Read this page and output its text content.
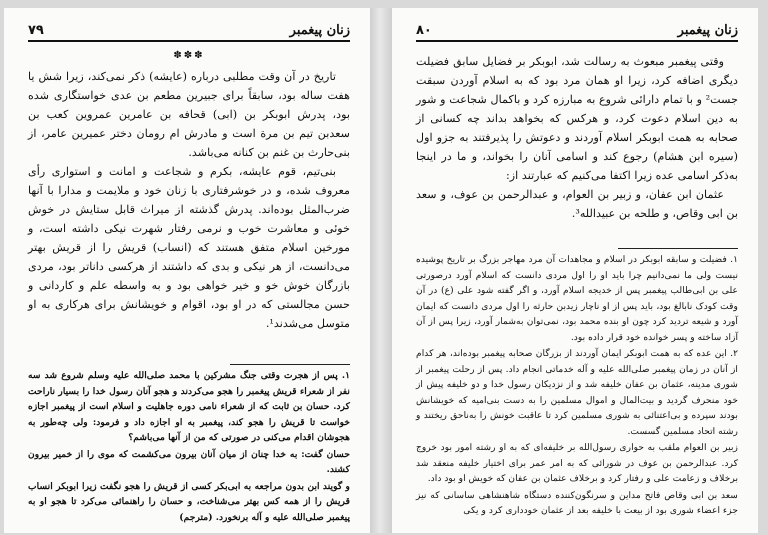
۷۹	زنان پیغمبر
✽✽✽

تاریخ در آن وقت مطلبی درباره (عایشه) ذکر نمی‌کند، زیرا شش یا هفت ساله بود، سابقاً برای جبیرین مطعم بن عدی خواستگاری شده بود، پدرش ابوبکر بن (ابی) قحافه بن عامرین عمروین کعب بن سعدبن تیم بن مرة است و مادرش ام رومان دختر عمیرین عامر، از بنی‌حارث بن غنم بن کنانه می‌باشد.

بنی‌تیم، قوم عایشه، بکرم و شجاعت و امانت و استواری رأی معروف شده، و در خوشرفتاری با زنان خود و ملایمت و مدارا با آنها ضرب‌المثل بوده‌اند. پدرش گذشته از میراث قابل ستایش در خوش خوئی و معاشرت خوب و نرمی رفتار شهرت نیکی داشته است، و مورخین اسلام متفق هستند که (انساب) قریش را از قریش بهتر می‌دانست، از هر نیکی و بدی که داشتند از هرکسی داناتر بود، مردی بازرگان خوش خو و خیر خواهی بود و به واسطه علم و کاردانی و حسن مجالستی که در او بود، اقوام و خویشانش برای هرکاری به او متوسل می‌شدند¹.

۱. پس از هجرت وقتی جنگ مشرکین با محمد صلی‌الله علیه وسلم شروع شد سه نفر از شعراء قریش پیغمبر را هجو می‌کردند و هجو آنان رسول خدا را بسیار ناراحت کرد. حسان بن ثابت که از شعراء نامی دوره جاهلیت و اسلام است از پیغمبر اجازه خواست تا قریش را هجو کند، پیغمبر به او اجازه داد و فرمود: ولی چه‌طور به هجوشان اقدام می‌کنی در صورتی که من از آنها می‌باشم؟

حسان گفت: به خدا چنان از میان آنان بیرون می‌کشمت که موی را از خمیر بیرون کشند.

و گویند ابن بدون مراجعه به ابی‌بکر کسی از قریش را هجو نگفت زیرا ابوبکر انساب قریش را از همه کس بهتر می‌شناخت، و حسان را راهنمائی می‌کرد تا هجو او به پیغمبر صلی‌الله علیه و آله برنخورد. (مترجم)

۸۰	زنان پیغمبر

وقتی پیغمبر مبعوث به رسالت شد، ابوبکر بر فضایل سابق فضیلت دیگری اضافه کرد، زیرا او همان مرد بود که به اسلام آوردن سبقت جست² و با تمام دارائی شروع به مبارزه کرد و باکمال شجاعت و شور به دین اسلام دعوت کرد، و هرکس که بخواهد بداند چه کسانی از صحابه به همت ابوبکر اسلام آوردند و دعوتش را پذیرفتند به جزو اول (سیره ابن هشام) رجوع کند و اسامی آنان را بخواند، و ما در اینجا به‌ذکر اسامی عده زیرا اکتفا می‌کنیم که عبارتند از:

عثمان ابن عفان، و زبیر بن العوام، و عبدالرحمن بن عوف، و سعد بن ابی وقاص، و طلحه بن عبیدالله³.

۱. فضیلت و سابقه ابوبکر در اسلام و مجاهدات آن مرد مهاجر بزرگ بر تاریخ پوشیده نیست ولی ما نمی‌دانیم چرا باید او را اول مردی دانست که اسلام آورد درصورتی علی بن ابی‌طالب پیغمبر پس از خدیجه اسلام آورد، و اگر گفته شود علی (ع) در آن وقت کودک نابالغ بود، باید پس از او ناچار زیدبن حارثه را اول مردی دانست که ایمان آورد و شیعه تردید کرد چون او بنده محمد بود، نمی‌توان به‌شمار آورد، زیرا پس از آن آزاد ساخته و پسر خوانده خود قرار داده بود.

۲. این عده که به همت ابوبکر ایمان آوردند از بزرگان صحابه پیغمبر بوده‌اند، هر کدام از آنان در زمان پیغمبر صلی‌الله علیه و آله خدماتی انجام داد. پس از رحلت پیغمبر از شوری مدینه، عثمان بن عفان خلیفه شد و از نزدیکان رسول خدا و دو خلیفه پیش از خود منحرف گردید و بیت‌المال و اموال مسلمین را به دست بنی‌امیه که خویشانش بودند سپرده و بی‌اعتنائی به شوری مسلمین کرد تا عاقبت خونش را به‌ناحق ریختند و رشته اتحاد مسلمین گسست.

زبیر بن العوام ملقب به حواری رسول‌الله بر خلیفه‌ای که به او رشته امور بود خروج کرد. عبدالرحمن بن عوف در شورائی که به امر عمر برای اختیار خلیفه منعقد شد برخلاف و زعامت علی و رفتار کرد و برخلاف عثمان بن عفان که خویش او بود داد.

سعد بن ابی وقاص فاتح مداین و سرنگون‌کننده دستگاه شاهنشاهی ساسانی که نیز جزء اعضاء شوری بود از بیعت با خلیفه بعد از عثمان خودداری کرد و یکی
